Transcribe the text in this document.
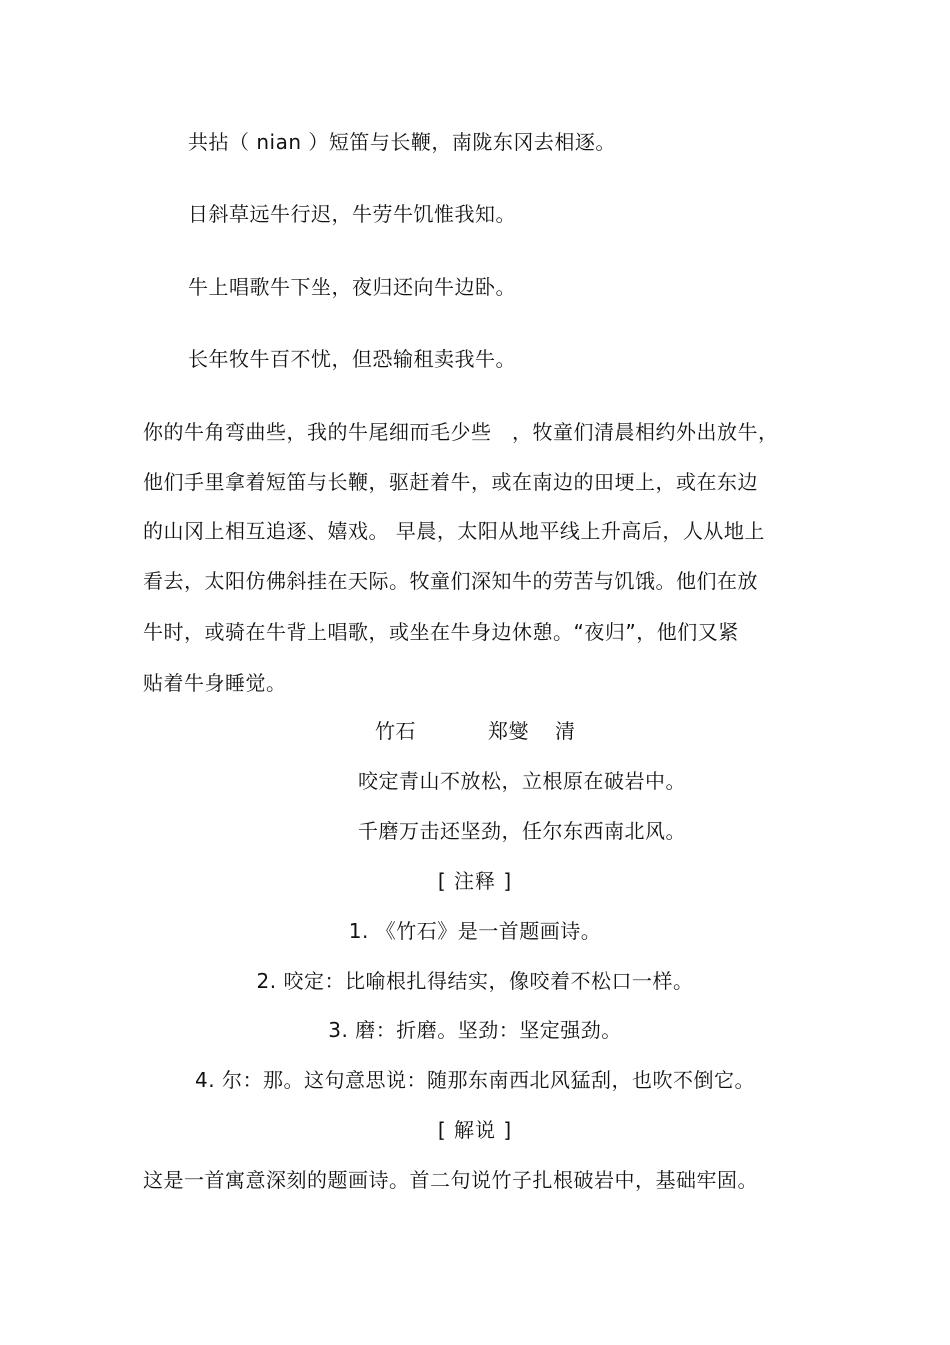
共拈（ nian ）短笛与长鞭，南陇东冈去相逐。
日斜草远牛行迟，牛劳牛饥惟我知。
牛上唱歌牛下坐，夜归还向牛边卧。
长年牧牛百不忧，但恐输租卖我牛。
你的牛角弯曲些，我的牛尾细而毛少些　，牧童们清晨相约外出放牛，
他们手里拿着短笛与长鞭，驱赶着牛，或在南边的田埂上，或在东边
的山冈上相互追逐、嬉戏。 早晨，太阳从地平线上升高后，人从地上
看去，太阳仿佛斜挂在天际。牧童们深知牛的劳苦与饥饿。他们在放
牛时，或骑在牛背上唱歌，或坐在牛身边休憩。“夜归”，他们又紧
贴着牛身睡觉。
竹石	郑燮 清
咬定青山不放松，立根原在破岩中。
千磨万击还坚劲，任尔东西南北风。
[ 注释 ]
1. 《竹石》是一首题画诗。
2. 咬定：比喻根扎得结实，像咬着不松口一样。
3. 磨：折磨。坚劲：坚定强劲。
4. 尔：那。这句意思说：随那东南西北风猛刮，也吹不倒它。
[ 解说 ]
这是一首寓意深刻的题画诗。首二句说竹子扎根破岩中，基础牢固。
